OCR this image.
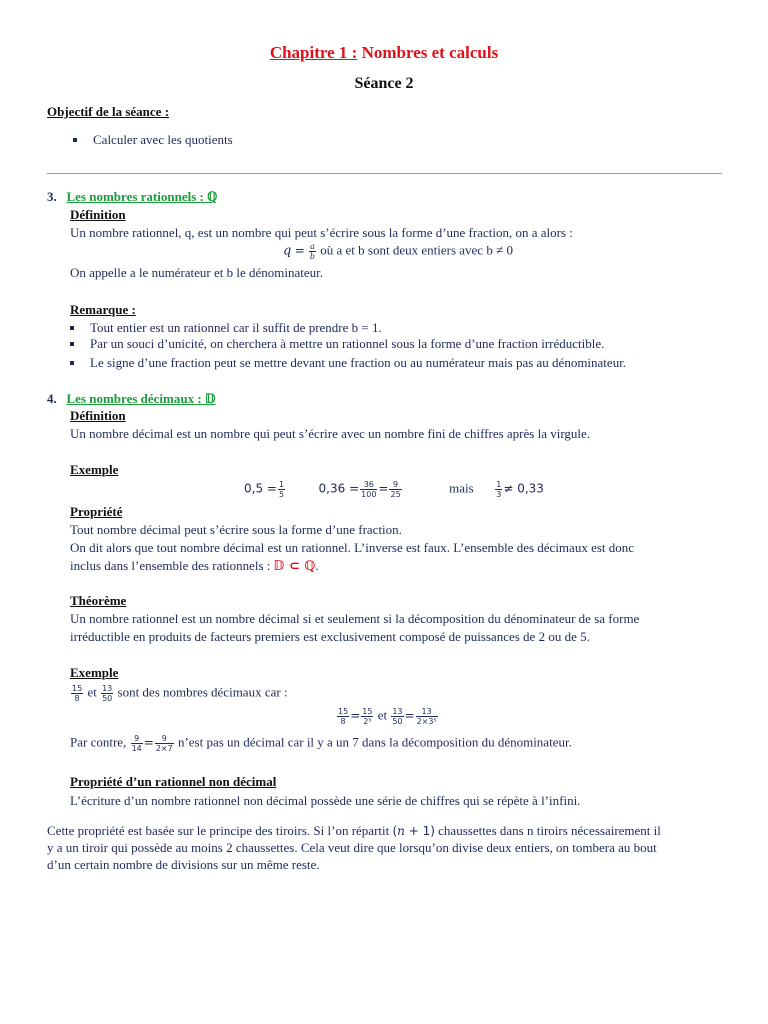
Chapitre 1 : Nombres et calculs
Séance 2
Objectif de la séance :
Calculer avec les quotients
3. Les nombres rationnels : ℚ
Définition
Un nombre rationnel, q, est un nombre qui peut s’écrire sous la forme d’une fraction, on a alors :
$q = \frac{a}{b}$ où a et b sont deux entiers avec b ≠ 0
On appelle a le numérateur et b le dénominateur.
Remarque :
Tout entier est un rationnel car il suffit de prendre b = 1.
Par un souci d’unicité, on cherchera à mettre un rationnel sous la forme d’une fraction irréductible.
Le signe d’une fraction peut se mettre devant une fraction ou au numérateur mais pas au dénominateur.
4. Les nombres décimaux : 𝔻
Définition
Un nombre décimal est un nombre qui peut s’écrire avec un nombre fini de chiffres après la virgule.
Exemple
$0,5 = \frac{1}{5}$	$0,36 = \frac{36}{100} = \frac{9}{25}$	mais	$\frac{1}{3} \ne 0,33$
Propriété
Tout nombre décimal peut s’écrire sous la forme d’une fraction.
On dit alors que tout nombre décimal est un rationnel. L’inverse est faux. L’ensemble des décimaux est donc
inclus dans l’ensemble des rationnels : 𝔻 ⊂ ℚ.
Théorème
Un nombre rationnel est un nombre décimal si et seulement si la décomposition du dénominateur de sa forme
irréductible en produits de facteurs premiers est exclusivement composé de puissances de 2 ou de 5.
Exemple
$\frac{15}{8}$ et $\frac{13}{50}$ sont des nombres décimaux car :
$\frac{15}{8} = \frac{15}{\text{2³}}$ et $\frac{13}{50} = \frac{13}{\text{2×3⁵}}$
Par contre, $\frac{9}{14} = \frac{9}{2\times 7}$ n’est pas un décimal car il y a un 7 dans la décomposition du dénominateur.
Propriété d’un rationnel non décimal
L’écriture d’un nombre rationnel non décimal possède une série de chiffres qui se répète à l’infini.
Cette propriété est basée sur le principe des tiroirs. Si l’on répartit (n + 1) chaussettes dans n tiroirs nécessairement il
y a un tiroir qui possède au moins 2 chaussettes. Cela veut dire que lorsqu’on divise deux entiers, on tombera au bout
d’un certain nombre de divisions sur un même reste.
